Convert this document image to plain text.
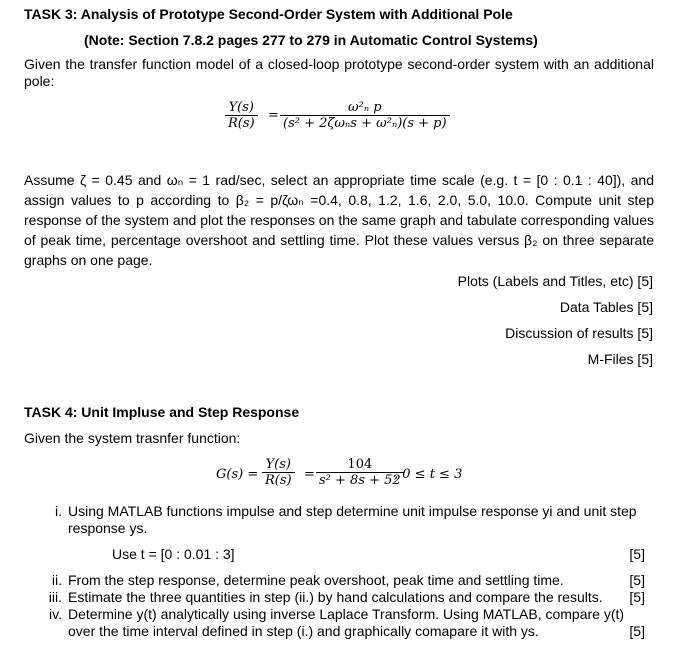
TASK 3: Analysis of Prototype Second-Order System with Additional Pole
(Note: Section 7.8.2 pages 277 to 279 in Automatic Control Systems)
Given the transfer function model of a closed-loop prototype second-order system with an additional pole:
$\frac{Y(s)}{R(s)}$ =
ω²ₙ p
(s² + 2ζωₙs + ω²ₙ)(s + p)
Assume ζ = 0.45 and ωₙ = 1 rad/sec, select an appropriate time scale (e.g. t = [0 : 0.1 : 40]), and assign values to p according to β₂ = p/ζωₙ =0.4, 0.8, 1.2, 1.6, 2.0, 5.0, 10.0. Compute unit step response of the system and plot the responses on the same graph and tabulate corresponding values of peak time, percentage overshoot and settling time. Plot these values versus β₂ on three separate graphs on one page.
Plots (Labels and Titles, etc) [5]
Data Tables [5]
Discussion of results [5]
M-Files [5]
TASK 4: Unit Impluse and Step Response
Given the system trasnfer function:
$G(s) = \frac{Y(s)}{R(s)} = \frac{104}{\text{s² + 8s + 52}}$
, 0 ≤ t ≤ 3
i. Using MATLAB functions impulse and step determine unit impulse response yi and unit step response ys.
Use t = [0 : 0.01 : 3]	[5]
ii. From the step response, determine peak overshoot, peak time and settling time.	[5]
iii. Estimate the three quantities in step (ii.) by hand calculations and compare the results.	[5]
iv. Determine y(t) analytically using inverse Laplace Transform. Using MATLAB, compare y(t) over the time interval defined in step (i.) and graphically comapare it with ys.	[5]
